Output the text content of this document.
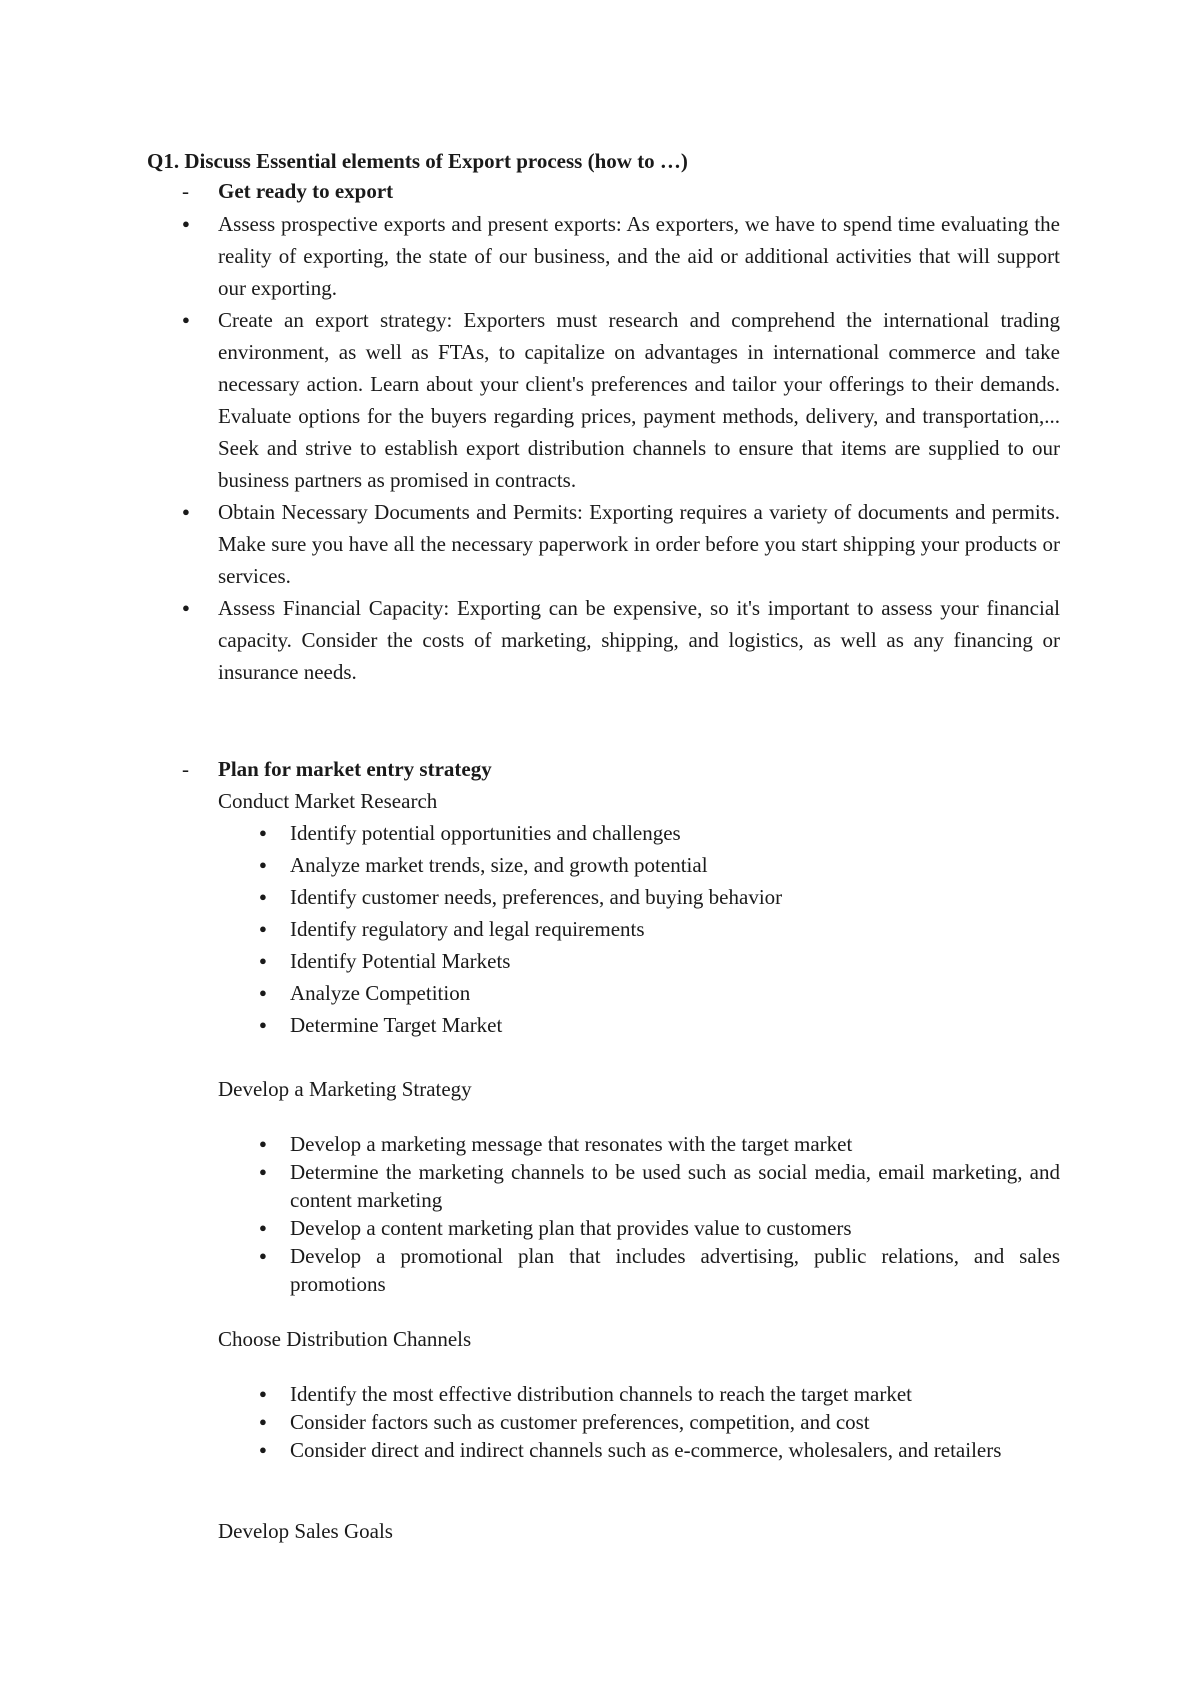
Q1. Discuss Essential elements of Export process (how to …)

- Get ready to export
● Assess prospective exports and present exports: As exporters, we have to spend time evaluating the reality of exporting, the state of our business, and the aid or additional activities that will support our exporting.
● Create an export strategy: Exporters must research and comprehend the international trading environment, as well as FTAs, to capitalize on advantages in international commerce and take necessary action. Learn about your client's preferences and tailor your offerings to their demands. Evaluate options for the buyers regarding prices, payment methods, delivery, and transportation,... Seek and strive to establish export distribution channels to ensure that items are supplied to our business partners as promised in contracts.
● Obtain Necessary Documents and Permits: Exporting requires a variety of documents and permits. Make sure you have all the necessary paperwork in order before you start shipping your products or services.
● Assess Financial Capacity: Exporting can be expensive, so it's important to assess your financial capacity. Consider the costs of marketing, shipping, and logistics, as well as any financing or insurance needs.
- Plan for market entry strategy
Conduct Market Research
● Identify potential opportunities and challenges
● Analyze market trends, size, and growth potential
● Identify customer needs, preferences, and buying behavior
● Identify regulatory and legal requirements
● Identify Potential Markets
● Analyze Competition
● Determine Target Market
Develop a Marketing Strategy
● Develop a marketing message that resonates with the target market
● Determine the marketing channels to be used such as social media, email marketing, and content marketing
● Develop a content marketing plan that provides value to customers
● Develop a promotional plan that includes advertising, public relations, and sales promotions
Choose Distribution Channels
● Identify the most effective distribution channels to reach the target market
● Consider factors such as customer preferences, competition, and cost
● Consider direct and indirect channels such as e-commerce, wholesalers, and retailers
Develop Sales Goals
